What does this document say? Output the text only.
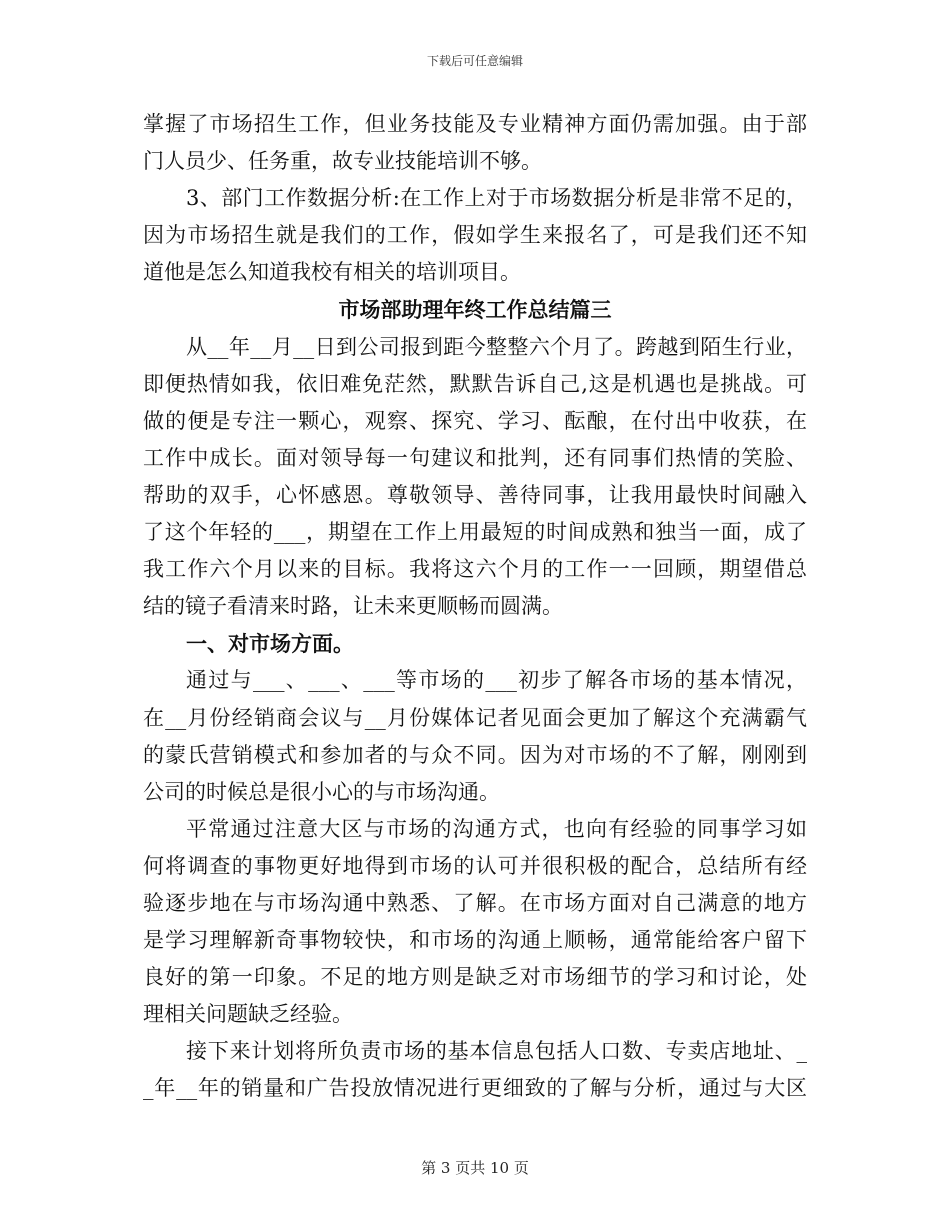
下载后可任意编辑
掌握了市场招生工作，但业务技能及专业精神方面仍需加强。由于部
门人员少、任务重，故专业技能培训不够。
3、部门工作数据分析:在工作上对于市场数据分析是非常不足的，
因为市场招生就是我们的工作，假如学生来报名了，可是我们还不知
道他是怎么知道我校有相关的培训项目。
市场部助理年终工作总结篇三
从__年__月__日到公司报到距今整整六个月了。跨越到陌生行业，
即便热情如我，依旧难免茫然，默默告诉自己,这是机遇也是挑战。可
做的便是专注一颗心，观察、探究、学习、酝酿，在付出中收获，在
工作中成长。面对领导每一句建议和批判，还有同事们热情的笑脸、
帮助的双手，心怀感恩。尊敬领导、善待同事，让我用最快时间融入
了这个年轻的___，期望在工作上用最短的时间成熟和独当一面，成了
我工作六个月以来的目标。我将这六个月的工作一一回顾，期望借总
结的镜子看清来时路，让未来更顺畅而圆满。
一、对市场方面。
通过与___、___、___等市场的___初步了解各市场的基本情况，
在__月份经销商会议与__月份媒体记者见面会更加了解这个充满霸气
的蒙氏营销模式和参加者的与众不同。因为对市场的不了解，刚刚到
公司的时候总是很小心的与市场沟通。
平常通过注意大区与市场的沟通方式，也向有经验的同事学习如
何将调查的事物更好地得到市场的认可并很积极的配合，总结所有经
验逐步地在与市场沟通中熟悉、了解。在市场方面对自己满意的地方
是学习理解新奇事物较快，和市场的沟通上顺畅，通常能给客户留下
良好的第一印象。不足的地方则是缺乏对市场细节的学习和讨论，处
理相关问题缺乏经验。
接下来计划将所负责市场的基本信息包括人口数、专卖店地址、_
_年__年的销量和广告投放情况进行更细致的了解与分析，通过与大区
第 3 页共 10 页
